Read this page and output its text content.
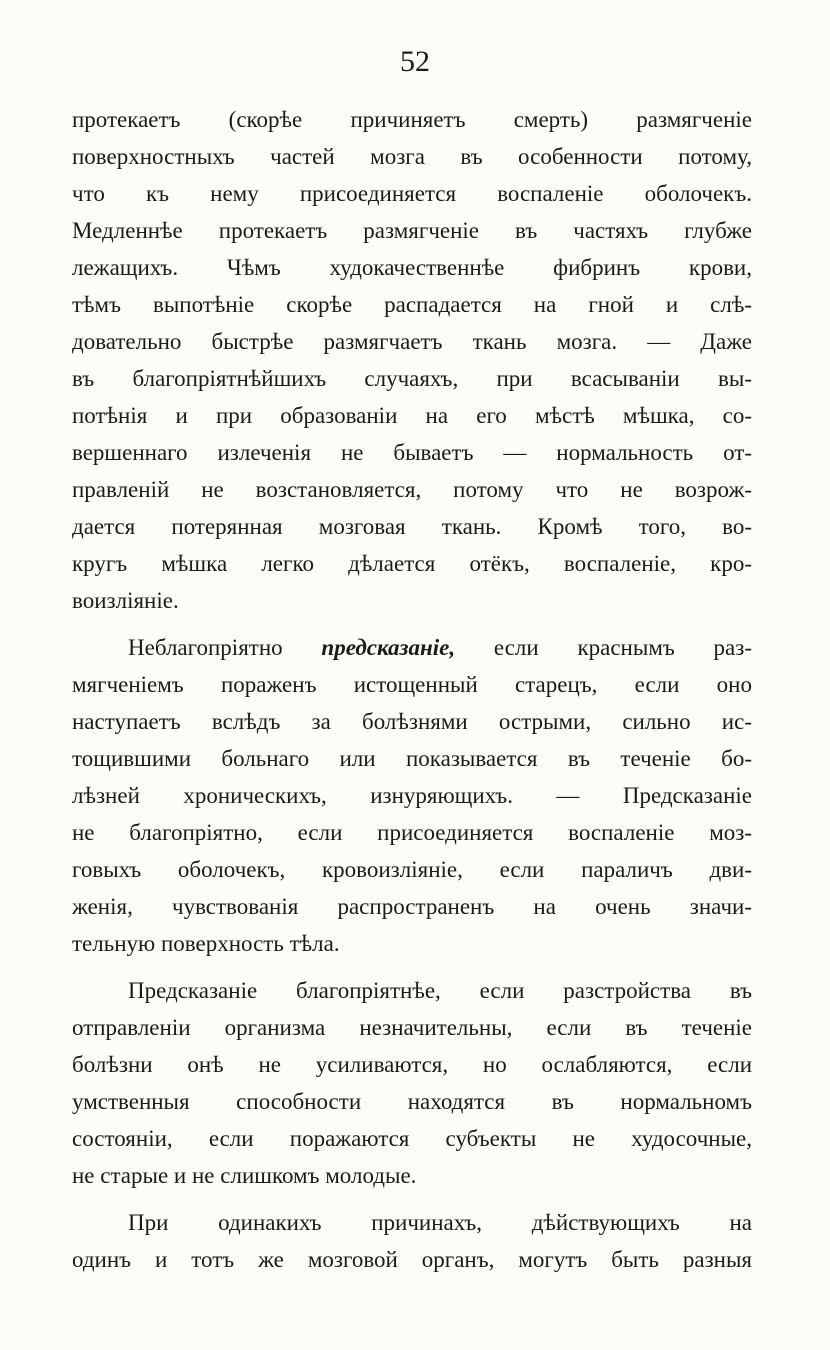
52
протекаетъ (скорѣе причиняетъ смерть) размягченіе
поверхностныхъ частей мозга въ особенности потому,
что къ нему присоединяется воспаленіе оболочекъ.
Медленнѣе протекаетъ размягченіе въ частяхъ глубже
лежащихъ. Чѣмъ худокачественнѣе фибринъ крови,
тѣмъ выпотѣніе скорѣе распадается на гной и слѣ-
довательно быстрѣе размягчаетъ ткань мозга. — Даже
въ благопріятнѣйшихъ случаяхъ, при всасываніи вы-
потѣнія и при образованіи на его мѣстѣ мѣшка, со-
вершеннаго излеченія не бываетъ — нормальность от-
правленій не возстановляется, потому что не возрож-
дается потерянная мозговая ткань. Кромѣ того, во-
кругъ мѣшка легко дѣлается отёкъ, воспаленіе, кро-
воизліяніе.
Неблагопріятно предсказаніе, если краснымъ раз-
мягченіемъ пораженъ истощенный старецъ, если оно
наступаетъ вслѣдъ за болѣзнями острыми, сильно ис-
тощившими больнаго или показывается въ теченіе бо-
лѣзней хроническихъ, изнуряющихъ. — Предсказаніе
не благопріятно, если присоединяется воспаленіе моз-
говыхъ оболочекъ, кровоизліяніе, если параличъ дви-
женія, чувствованія распространенъ на очень значи-
тельную поверхность тѣла.
Предсказаніе благопріятнѣе, если разстройства въ
отправленіи организма незначительны, если въ теченіе
болѣзни онѣ не усиливаются, но ослабляются, если
умственныя способности находятся въ нормальномъ
состояніи, если поражаются субъекты не худосочные,
не старые и не слишкомъ молодые.
При одинакихъ причинахъ, дѣйствующихъ на
одинъ и тотъ же мозговой органъ, могутъ быть разныя
